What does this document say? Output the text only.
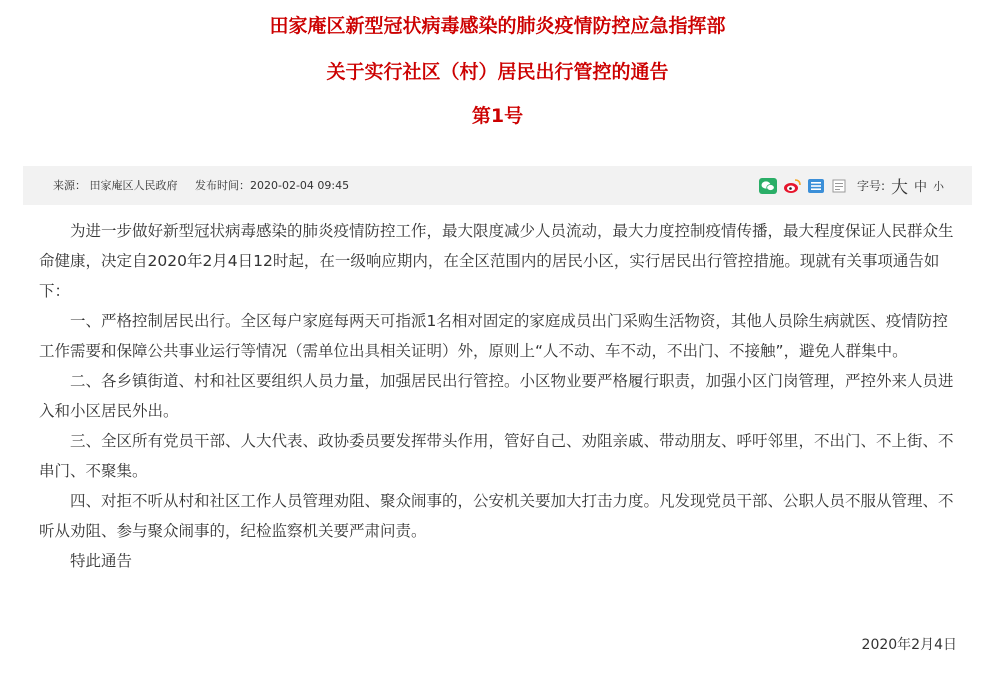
田家庵区新型冠状病毒感染的肺炎疫情防控应急指挥部
关于实行社区（村）居民出行管控的通告
第1号
来源： 田家庵区人民政府 发布时间：2020-02-04 09:45	字号: 大 中 小

为进一步做好新型冠状病毒感染的肺炎疫情防控工作，最大限度减少人员流动，最大力度控制疫情传播，最大程度保证人民群众生命健康，决定自2020年2月4日12时起，在一级响应期内，在全区范围内的居民小区，实行居民出行管控措施。现就有关事项通告如下：

一、严格控制居民出行。全区每户家庭每两天可指派1名相对固定的家庭成员出门采购生活物资，其他人员除生病就医、疫情防控工作需要和保障公共事业运行等情况（需单位出具相关证明）外，原则上“人不动、车不动，不出门、不接触”，避免人群集中。

二、各乡镇街道、村和社区要组织人员力量，加强居民出行管控。小区物业要严格履行职责，加强小区门岗管理，严控外来人员进入和小区居民外出。

三、全区所有党员干部、人大代表、政协委员要发挥带头作用，管好自己、劝阻亲戚、带动朋友、呼吁邻里，不出门、不上街、不串门、不聚集。

四、对拒不听从村和社区工作人员管理劝阻、聚众闹事的，公安机关要加大打击力度。凡发现党员干部、公职人员不服从管理、不听从劝阻、参与聚众闹事的，纪检监察机关要严肃问责。

特此通告

2020年2月4日
